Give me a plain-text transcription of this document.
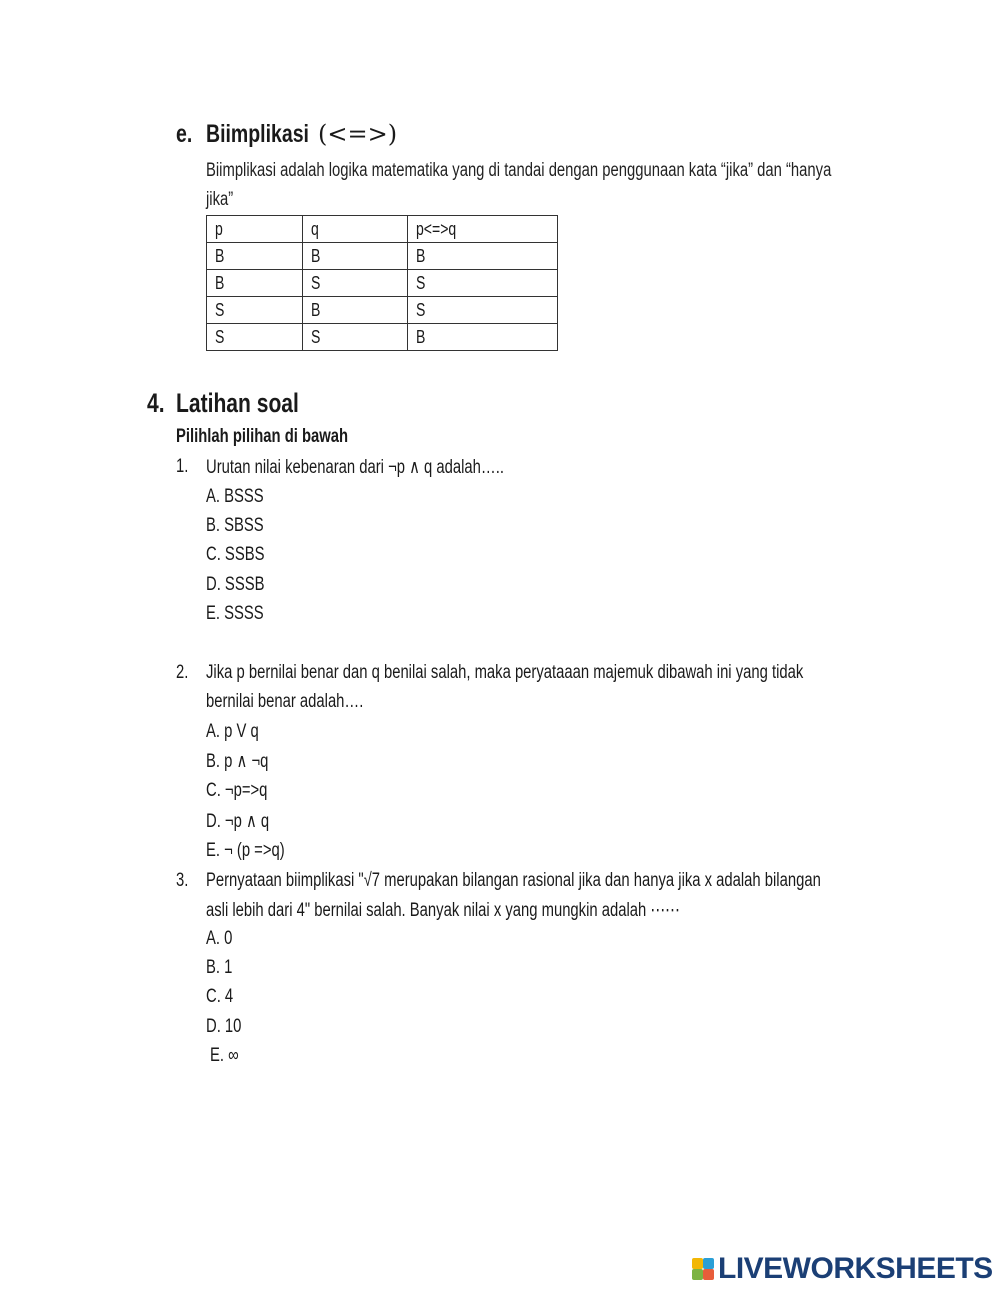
e. Biimplikasi (<=>)
Biimplikasi adalah logika matematika yang di tandai dengan penggunaan kata “jika” dan “hanya
jika”
p	q	p<=>q
B	B	B
B	S	S
S	B	S
S	S	B
4. Latihan soal
Pilihlah pilihan di bawah
1. Urutan nilai kebenaran dari ¬p ∧ q adalah…..
A. BSSS
B. SBSS
C. SSBS
D. SSSB
E. SSSS
2. Jika p bernilai benar dan q benilai salah, maka peryataaan majemuk dibawah ini yang tidak
bernilai benar adalah….
A. p V q
B. p ∧ ¬q
C. ¬p=>q
D. ¬p ∧ q
E. ¬ (p =>q)
3. Pernyataan biimplikasi "√7 merupakan bilangan rasional jika dan hanya jika x adalah bilangan
asli lebih dari 4" bernilai salah. Banyak nilai x yang mungkin adalah ⋯⋯
A. 0
B. 1
C. 4
D. 10
E. ∞
LIVEWORKSHEETS
